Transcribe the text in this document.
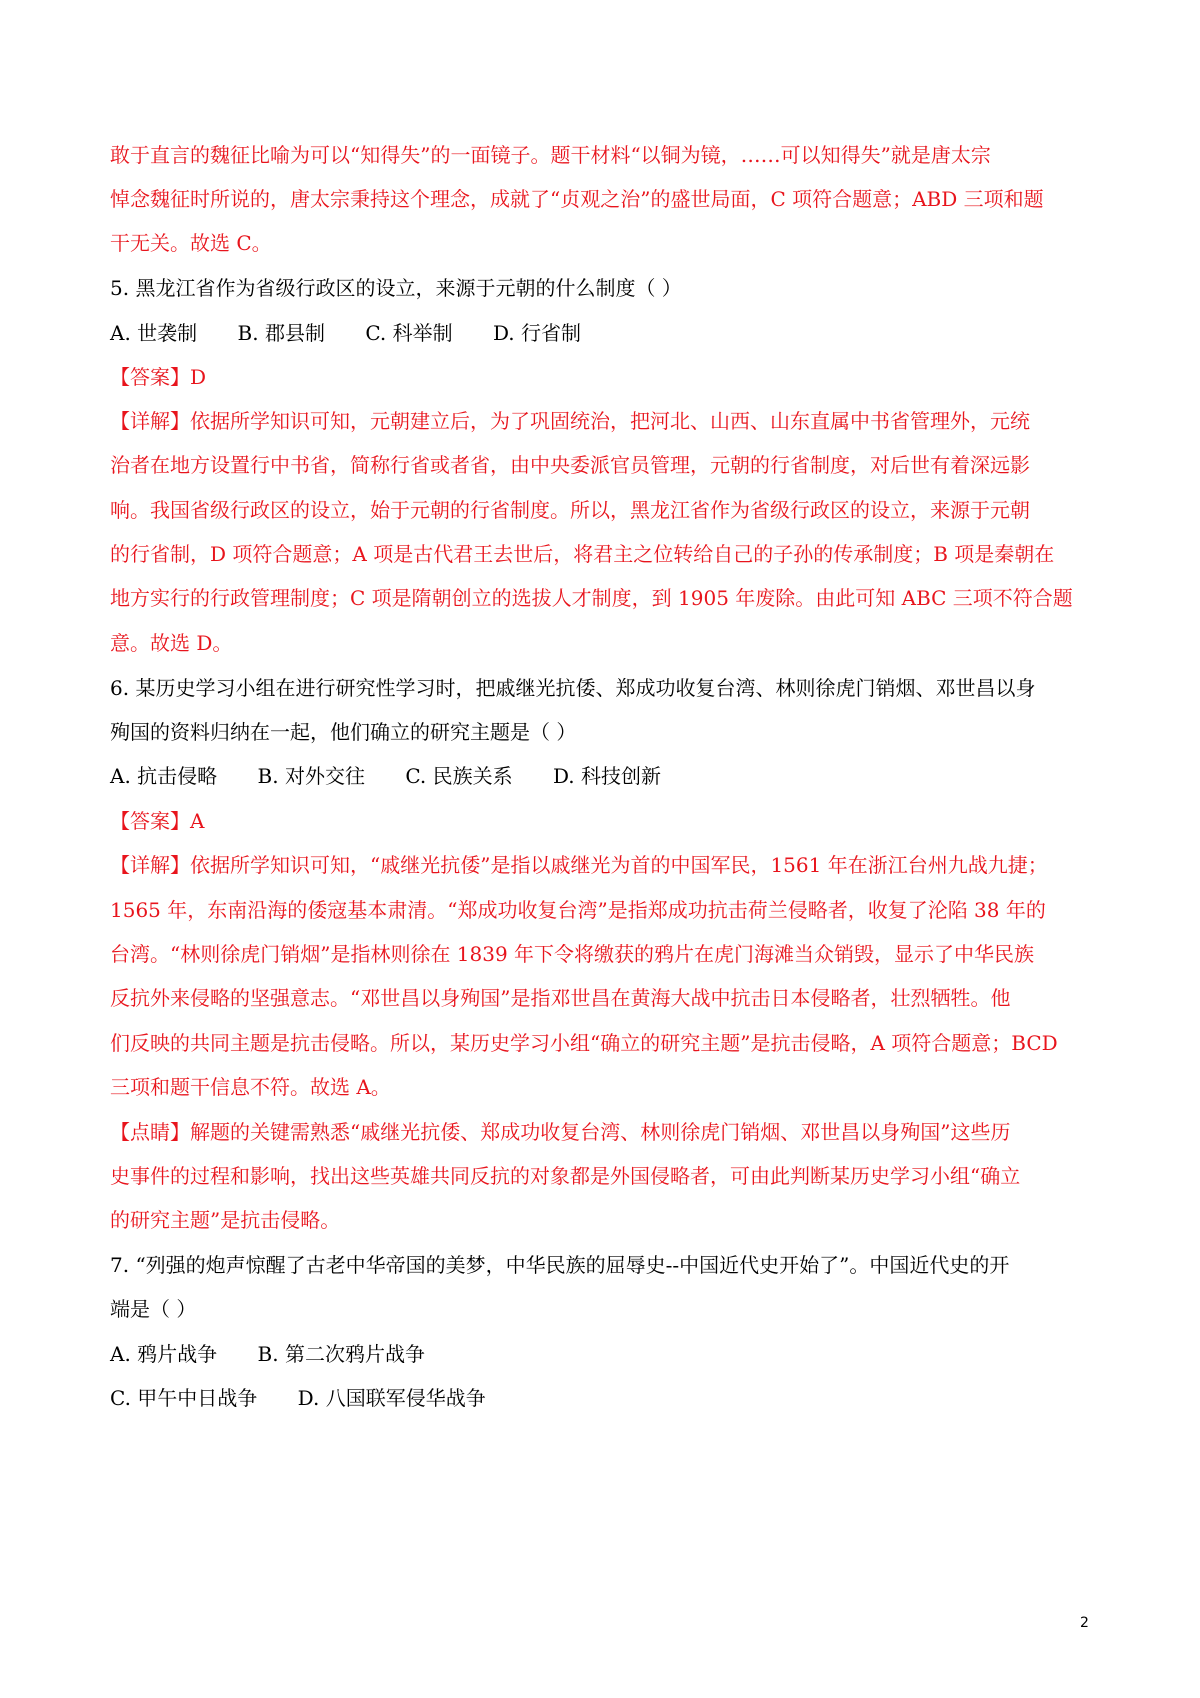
敢于直言的魏征比喻为可以“知得失”的一面镜子。题干材料“以铜为镜，……可以知得失”就是唐太宗
悼念魏征时所说的，唐太宗秉持这个理念，成就了“贞观之治”的盛世局面，C 项符合题意；ABD 三项和题
干无关。故选 C。
5. 黑龙江省作为省级行政区的设立，来源于元朝的什么制度（ ）
A. 世袭制 B. 郡县制 C. 科举制 D. 行省制
【答案】D
【详解】依据所学知识可知，元朝建立后，为了巩固统治，把河北、山西、山东直属中书省管理外，元统
治者在地方设置行中书省，简称行省或者省，由中央委派官员管理，元朝的行省制度，对后世有着深远影
响。我国省级行政区的设立，始于元朝的行省制度。所以，黑龙江省作为省级行政区的设立，来源于元朝
的行省制，D 项符合题意；A 项是古代君王去世后，将君主之位转给自己的子孙的传承制度；B 项是秦朝在
地方实行的行政管理制度；C 项是隋朝创立的选拔人才制度，到 1905 年废除。由此可知 ABC 三项不符合题
意。故选 D。
6. 某历史学习小组在进行研究性学习时，把戚继光抗倭、郑成功收复台湾、林则徐虎门销烟、邓世昌以身
殉国的资料归纳在一起，他们确立的研究主题是（ ）
A. 抗击侵略 B. 对外交往 C. 民族关系 D. 科技创新
【答案】A
【详解】依据所学知识可知，“戚继光抗倭”是指以戚继光为首的中国军民，1561 年在浙江台州九战九捷；
1565 年，东南沿海的倭寇基本肃清。“郑成功收复台湾”是指郑成功抗击荷兰侵略者，收复了沦陷 38 年的
台湾。“林则徐虎门销烟”是指林则徐在 1839 年下令将缴获的鸦片在虎门海滩当众销毁，显示了中华民族
反抗外来侵略的坚强意志。“邓世昌以身殉国”是指邓世昌在黄海大战中抗击日本侵略者，壮烈牺牲。他
们反映的共同主题是抗击侵略。所以，某历史学习小组“确立的研究主题”是抗击侵略，A 项符合题意；BCD
三项和题干信息不符。故选 A。
【点睛】解题的关键需熟悉“戚继光抗倭、郑成功收复台湾、林则徐虎门销烟、邓世昌以身殉国”这些历
史事件的过程和影响，找出这些英雄共同反抗的对象都是外国侵略者，可由此判断某历史学习小组“确立
的研究主题”是抗击侵略。
7. “列强的炮声惊醒了古老中华帝国的美梦，中华民族的屈辱史--中国近代史开始了”。中国近代史的开
端是（ ）
A. 鸦片战争 B. 第二次鸦片战争
C. 甲午中日战争 D. 八国联军侵华战争
2
